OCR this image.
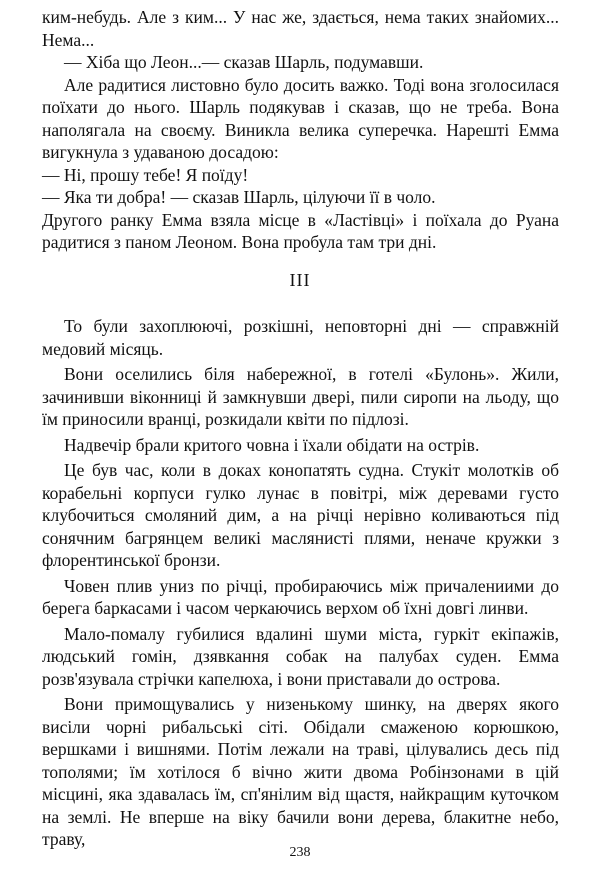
ким-небудь. Але з ким... У нас же, здається, нема таких знайомих... Нема...

— Хіба що Леон...— сказав Шарль, подумавши.

Але радитися листовно було досить важко. Тоді вона зголосилася поїхати до нього. Шарль подякував і сказав, що не треба. Вона наполягала на своєму. Виникла велика суперечка. Нарешті Емма вигукнула з удаваною досадою:

— Ні, прошу тебе! Я поїду!

— Яка ти добра! — сказав Шарль, цілуючи її в чоло.

Другого ранку Емма взяла місце в «Ластівці» і поїхала до Руана радитися з паном Леоном. Вона пробула там три дні.

III

То були захоплюючі, розкішні, неповторні дні — справжній медовий місяць.

Вони оселились біля набережної, в готелі «Булонь». Жили, зачинивши віконниці й замкнувши двері, пили сиропи на льоду, що їм приносили вранці, розкидали квіти по підлозі.

Надвечір брали критого човна і їхали обідати на острів.

Це був час, коли в доках конопатять судна. Стукіт молотків об корабельні корпуси гулко лунає в повітрі, між деревами густо клубочиться смоляний дим, а на річці нерівно коливаються під сонячним багрянцем великі маслянисті плями, неначе кружки з флорентинської бронзи.

Човен плив униз по річці, пробираючись між причалениими до берега баркасами і часом черкаючись верхом об їхні довгі линви.

Мало-помалу губилися вдалині шуми міста, гуркіт екіпажів, людський гомін, дзявкання собак на палубах суден. Емма розв'язувала стрічки капелюха, і вони приставали до острова.

Вони примощувались у низенькому шинку, на дверях якого висіли чорні рибальські сіті. Обідали смаженою корюшкою, вершками і вишнями. Потім лежали на траві, цілувались десь під тополями; їм хотілося б вічно жити двома Робінзонами в цій місцині, яка здавалась їм, сп'янілим від щастя, найкращим куточком на землі. Не вперше на віку бачили вони дерева, блакитне небо, траву,

238
